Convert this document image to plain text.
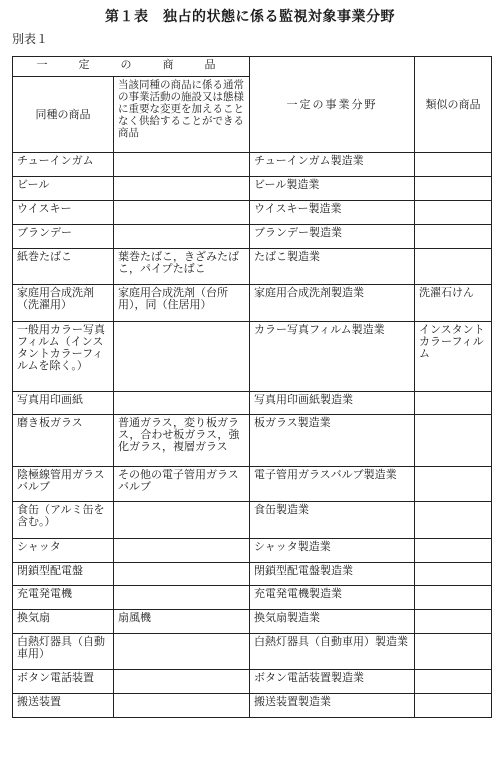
第１表　独占的状態に係る監視対象事業分野
別表１
一　定　の　商　品		一定の事業分野	類似の商品
同種の商品	当該同種の商品に係る通常の事業活動の施設又は態様に重要な変更を加えることなく供給することができる商品		
チューインガム		チューインガム製造業	
ビール		ビール製造業	
ウイスキー		ウイスキー製造業	
ブランデー		ブランデー製造業	
紙巻たばこ	葉巻たばこ，きざみたばこ，パイプたばこ	たばこ製造業	
家庭用合成洗剤（洗濯用）	家庭用合成洗剤（台所用），同（住居用）	家庭用合成洗剤製造業	洗濯石けん
一般用カラー写真フィルム（インスタントカラーフィルムを除く。）		カラー写真フィルム製造業	インスタントカラーフィルム
写真用印画紙		写真用印画紙製造業	
磨き板ガラス	普通ガラス，変り板ガラス，合わせ板ガラス，強化ガラス，複層ガラス	板ガラス製造業	
陰極線管用ガラスバルブ	その他の電子管用ガラスバルブ	電子管用ガラスバルブ製造業	
食缶（アルミ缶を含む。）		食缶製造業	
シャッタ		シャッタ製造業	
閉鎖型配電盤		閉鎖型配電盤製造業	
充電発電機		充電発電機製造業	
換気扇	扇風機	換気扇製造業	
白熱灯器具（自動車用）		白熱灯器具（自動車用）製造業	
ボタン電話装置		ボタン電話装置製造業	
搬送装置		搬送装置製造業	
